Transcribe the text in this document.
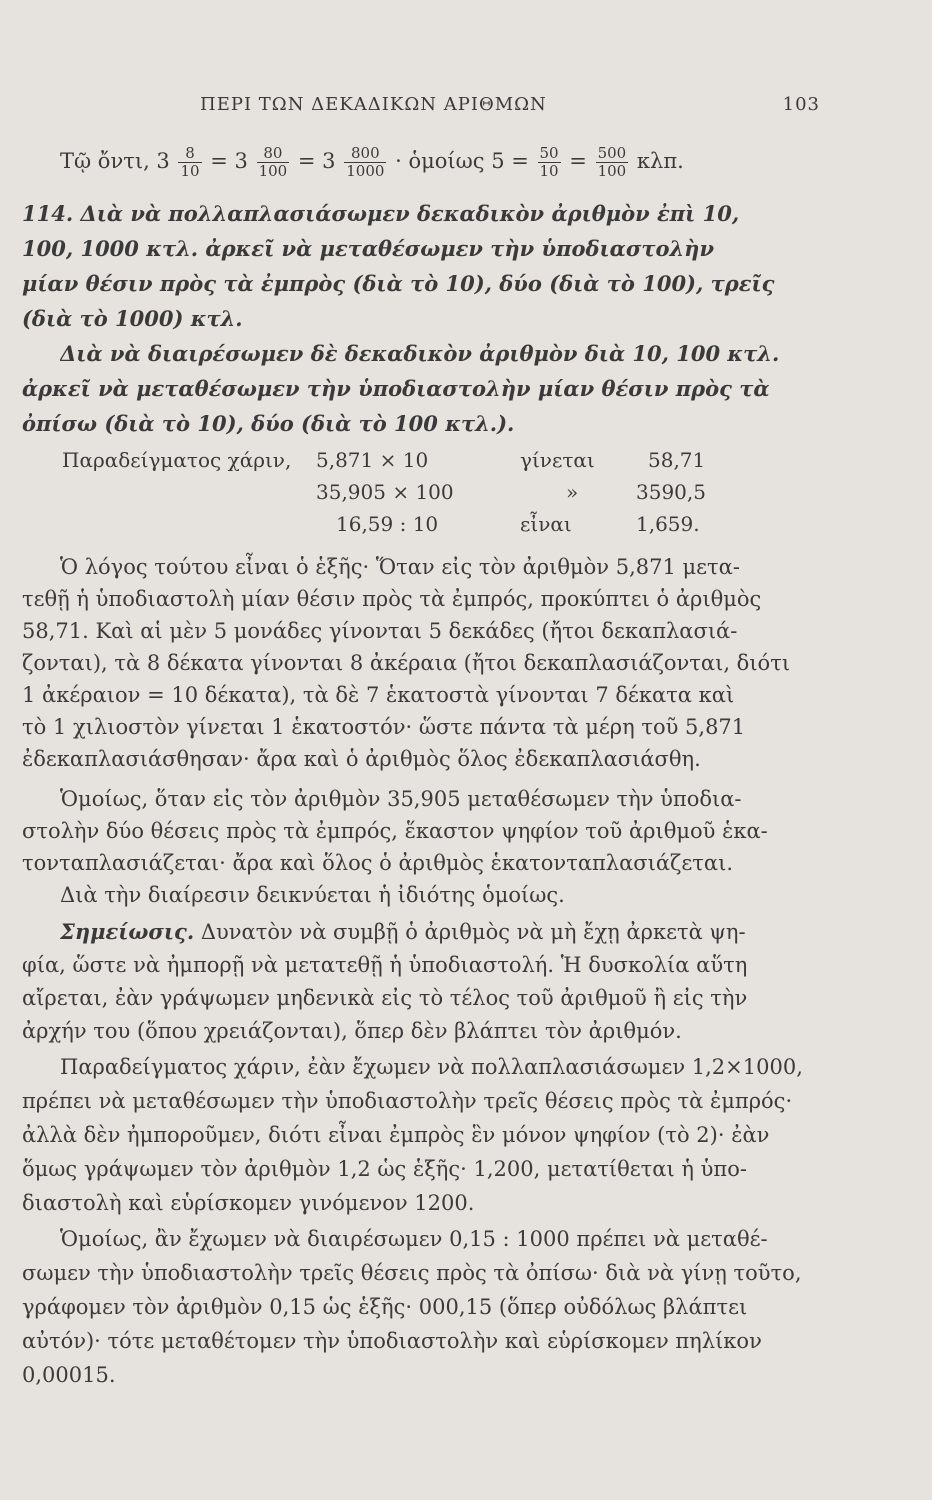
ΠΕΡΙ ΤΩΝ ΔΕΚΑΔΙΚΩΝ ΑΡΙΘΜΩΝ	103
Τῷ ὄντι, $3 \frac{8}{10} = 3 \frac{80}{100} = 3 \frac{800}{1000}$ · ὁμοίως $5 = \frac{50}{10} = \frac{500}{100} \kappa\lambda\pi$.
114. Διὰ νὰ πολλαπλασιάσωμεν δεκαδικὸν ἀριθμὸν ἐπὶ 10,
100, 1000 κτλ. ἀρκεῖ νὰ μεταθέσωμεν τὴν ὑποδιαστολὴν
μίαν θέσιν πρὸς τὰ ἐμπρὸς (διὰ τὸ 10), δύο (διὰ τὸ 100), τρεῖς
(διὰ τὸ 1000) κτλ.
Διὰ νὰ διαιρέσωμεν δὲ δεκαδικὸν ἀριθμὸν διὰ 10, 100 κτλ.
ἀρκεῖ νὰ μεταθέσωμεν τὴν ὑποδιαστολὴν μίαν θέσιν πρὸς τὰ
ὀπίσω (διὰ τὸ 10), δύο (διὰ τὸ 100 κτλ.).
Παραδείγματος χάριν, 5,871 × 10	γίνεται	58,71
35,905 × 100	»	3590,5
16,59 : 10	εἶναι	1,659.
Ὁ λόγος τούτου εἶναι ὁ ἑξῆς· Ὅταν εἰς τὸν ἀριθμὸν 5,871 μετα-
τεθῇ ἡ ὑποδιαστολὴ μίαν θέσιν πρὸς τὰ ἐμπρός, προκύπτει ὁ ἀριθμὸς
58,71. Καὶ αἱ μὲν 5 μονάδες γίνονται 5 δεκάδες (ἤτοι δεκαπλασιά-
ζονται), τὰ 8 δέκατα γίνονται 8 ἀκέραια (ἤτοι δεκαπλασιάζονται, διότι
1 ἀκέραιον = 10 δέκατα), τὰ δὲ 7 ἑκατοστὰ γίνονται 7 δέκατα καὶ
τὸ 1 χιλιοστὸν γίνεται 1 ἑκατοστόν· ὥστε πάντα τὰ μέρη τοῦ 5,871
ἐδεκαπλασιάσθησαν· ἄρα καὶ ὁ ἀριθμὸς ὅλος ἐδεκαπλασιάσθη.
Ὁμοίως, ὅταν εἰς τὸν ἀριθμὸν 35,905 μεταθέσωμεν τὴν ὑποδια-
στολὴν δύο θέσεις πρὸς τὰ ἐμπρός, ἕκαστον ψηφίον τοῦ ἀριθμοῦ ἑκα-
τονταπλασιάζεται· ἄρα καὶ ὅλος ὁ ἀριθμὸς ἑκατονταπλασιάζεται.
Διὰ τὴν διαίρεσιν δεικνύεται ἡ ἰδιότης ὁμοίως.
Σημείωσις. Δυνατὸν νὰ συμβῇ ὁ ἀριθμὸς νὰ μὴ ἔχῃ ἀρκετὰ ψη-
φία, ὥστε νὰ ἠμπορῇ νὰ μετατεθῇ ἡ ὑποδιαστολή. Ἡ δυσκολία αὕτη
αἴρεται, ἐὰν γράψωμεν μηδενικὰ εἰς τὸ τέλος τοῦ ἀριθμοῦ ἢ εἰς τὴν
ἀρχήν του (ὅπου χρειάζονται), ὅπερ δὲν βλάπτει τὸν ἀριθμόν.
Παραδείγματος χάριν, ἐὰν ἔχωμεν νὰ πολλαπλασιάσωμεν 1,2×1000,
πρέπει νὰ μεταθέσωμεν τὴν ὑποδιαστολὴν τρεῖς θέσεις πρὸς τὰ ἐμπρός·
ἀλλὰ δὲν ἠμποροῦμεν, διότι εἶναι ἐμπρὸς ἓν μόνον ψηφίον (τὸ 2)· ἐὰν
ὅμως γράψωμεν τὸν ἀριθμὸν 1,2 ὡς ἑξῆς· 1,200, μετατίθεται ἡ ὑπο-
διαστολὴ καὶ εὑρίσκομεν γινόμενον 1200.
Ὁμοίως, ἂν ἔχωμεν νὰ διαιρέσωμεν 0,15 : 1000 πρέπει νὰ μεταθέ-
σωμεν τὴν ὑποδιαστολὴν τρεῖς θέσεις πρὸς τὰ ὀπίσω· διὰ νὰ γίνῃ τοῦτο,
γράφομεν τὸν ἀριθμὸν 0,15 ὡς ἑξῆς· 000,15 (ὅπερ οὐδόλως βλάπτει
αὐτόν)· τότε μεταθέτομεν τὴν ὑποδιαστολὴν καὶ εὑρίσκομεν πηλίκον
0,00015.
